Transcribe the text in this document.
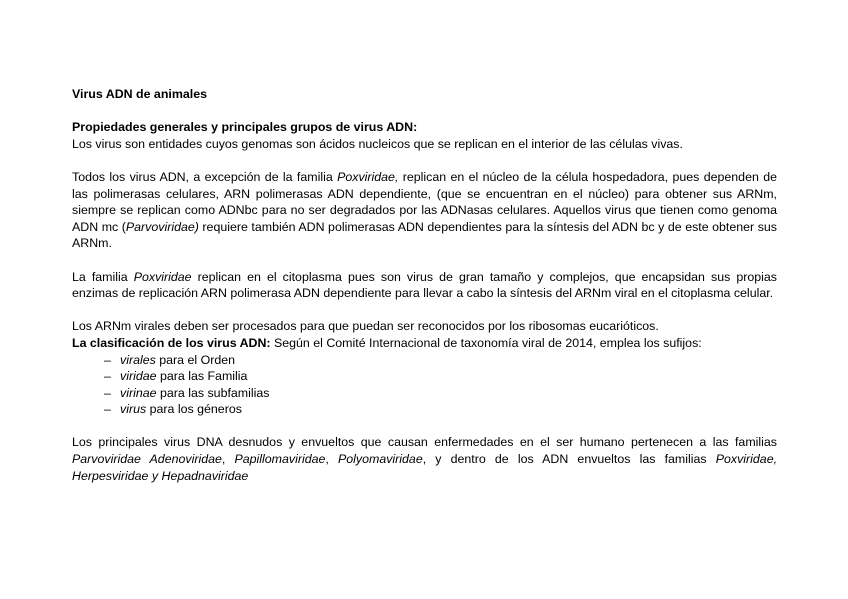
Virus ADN de animales

Propiedades generales y principales grupos de virus ADN:
Los virus son entidades cuyos genomas son ácidos nucleicos que se replican en el interior de las células vivas.

Todos los virus ADN, a excepción de la familia Poxviridae, replican en el núcleo de la célula hospedadora, pues dependen de las polimerasas celulares, ARN polimerasas ADN dependiente, (que se encuentran en el núcleo) para obtener sus ARNm, siempre se replican como ADNbc para no ser degradados por las ADNasas celulares. Aquellos virus que tienen como genoma ADN mc (Parvoviridae) requiere también ADN polimerasas ADN dependientes para la síntesis del ADN bc y de este obtener sus ARNm.

La familia Poxviridae replican en el citoplasma pues son virus de gran tamaño y complejos, que encapsidan sus propias enzimas de replicación ARN polimerasa ADN dependiente para llevar a cabo la síntesis del ARNm viral en el citoplasma celular.

Los ARNm virales deben ser procesados para que puedan ser reconocidos por los ribosomas eucarióticos.
La clasificación de los virus ADN: Según el Comité Internacional de taxonomía viral de 2014, emplea los sufijos:

– virales para el Orden
– viridae para las Familia
– virinae para las subfamilias
– virus para los géneros

Los principales virus DNA desnudos y envueltos que causan enfermedades en el ser humano pertenecen a las familias Parvoviridae Adenoviridae, Papillomaviridae, Polyomaviridae, y dentro de los ADN envueltos las familias Poxviridae, Herpesviridae y Hepadnaviridae
